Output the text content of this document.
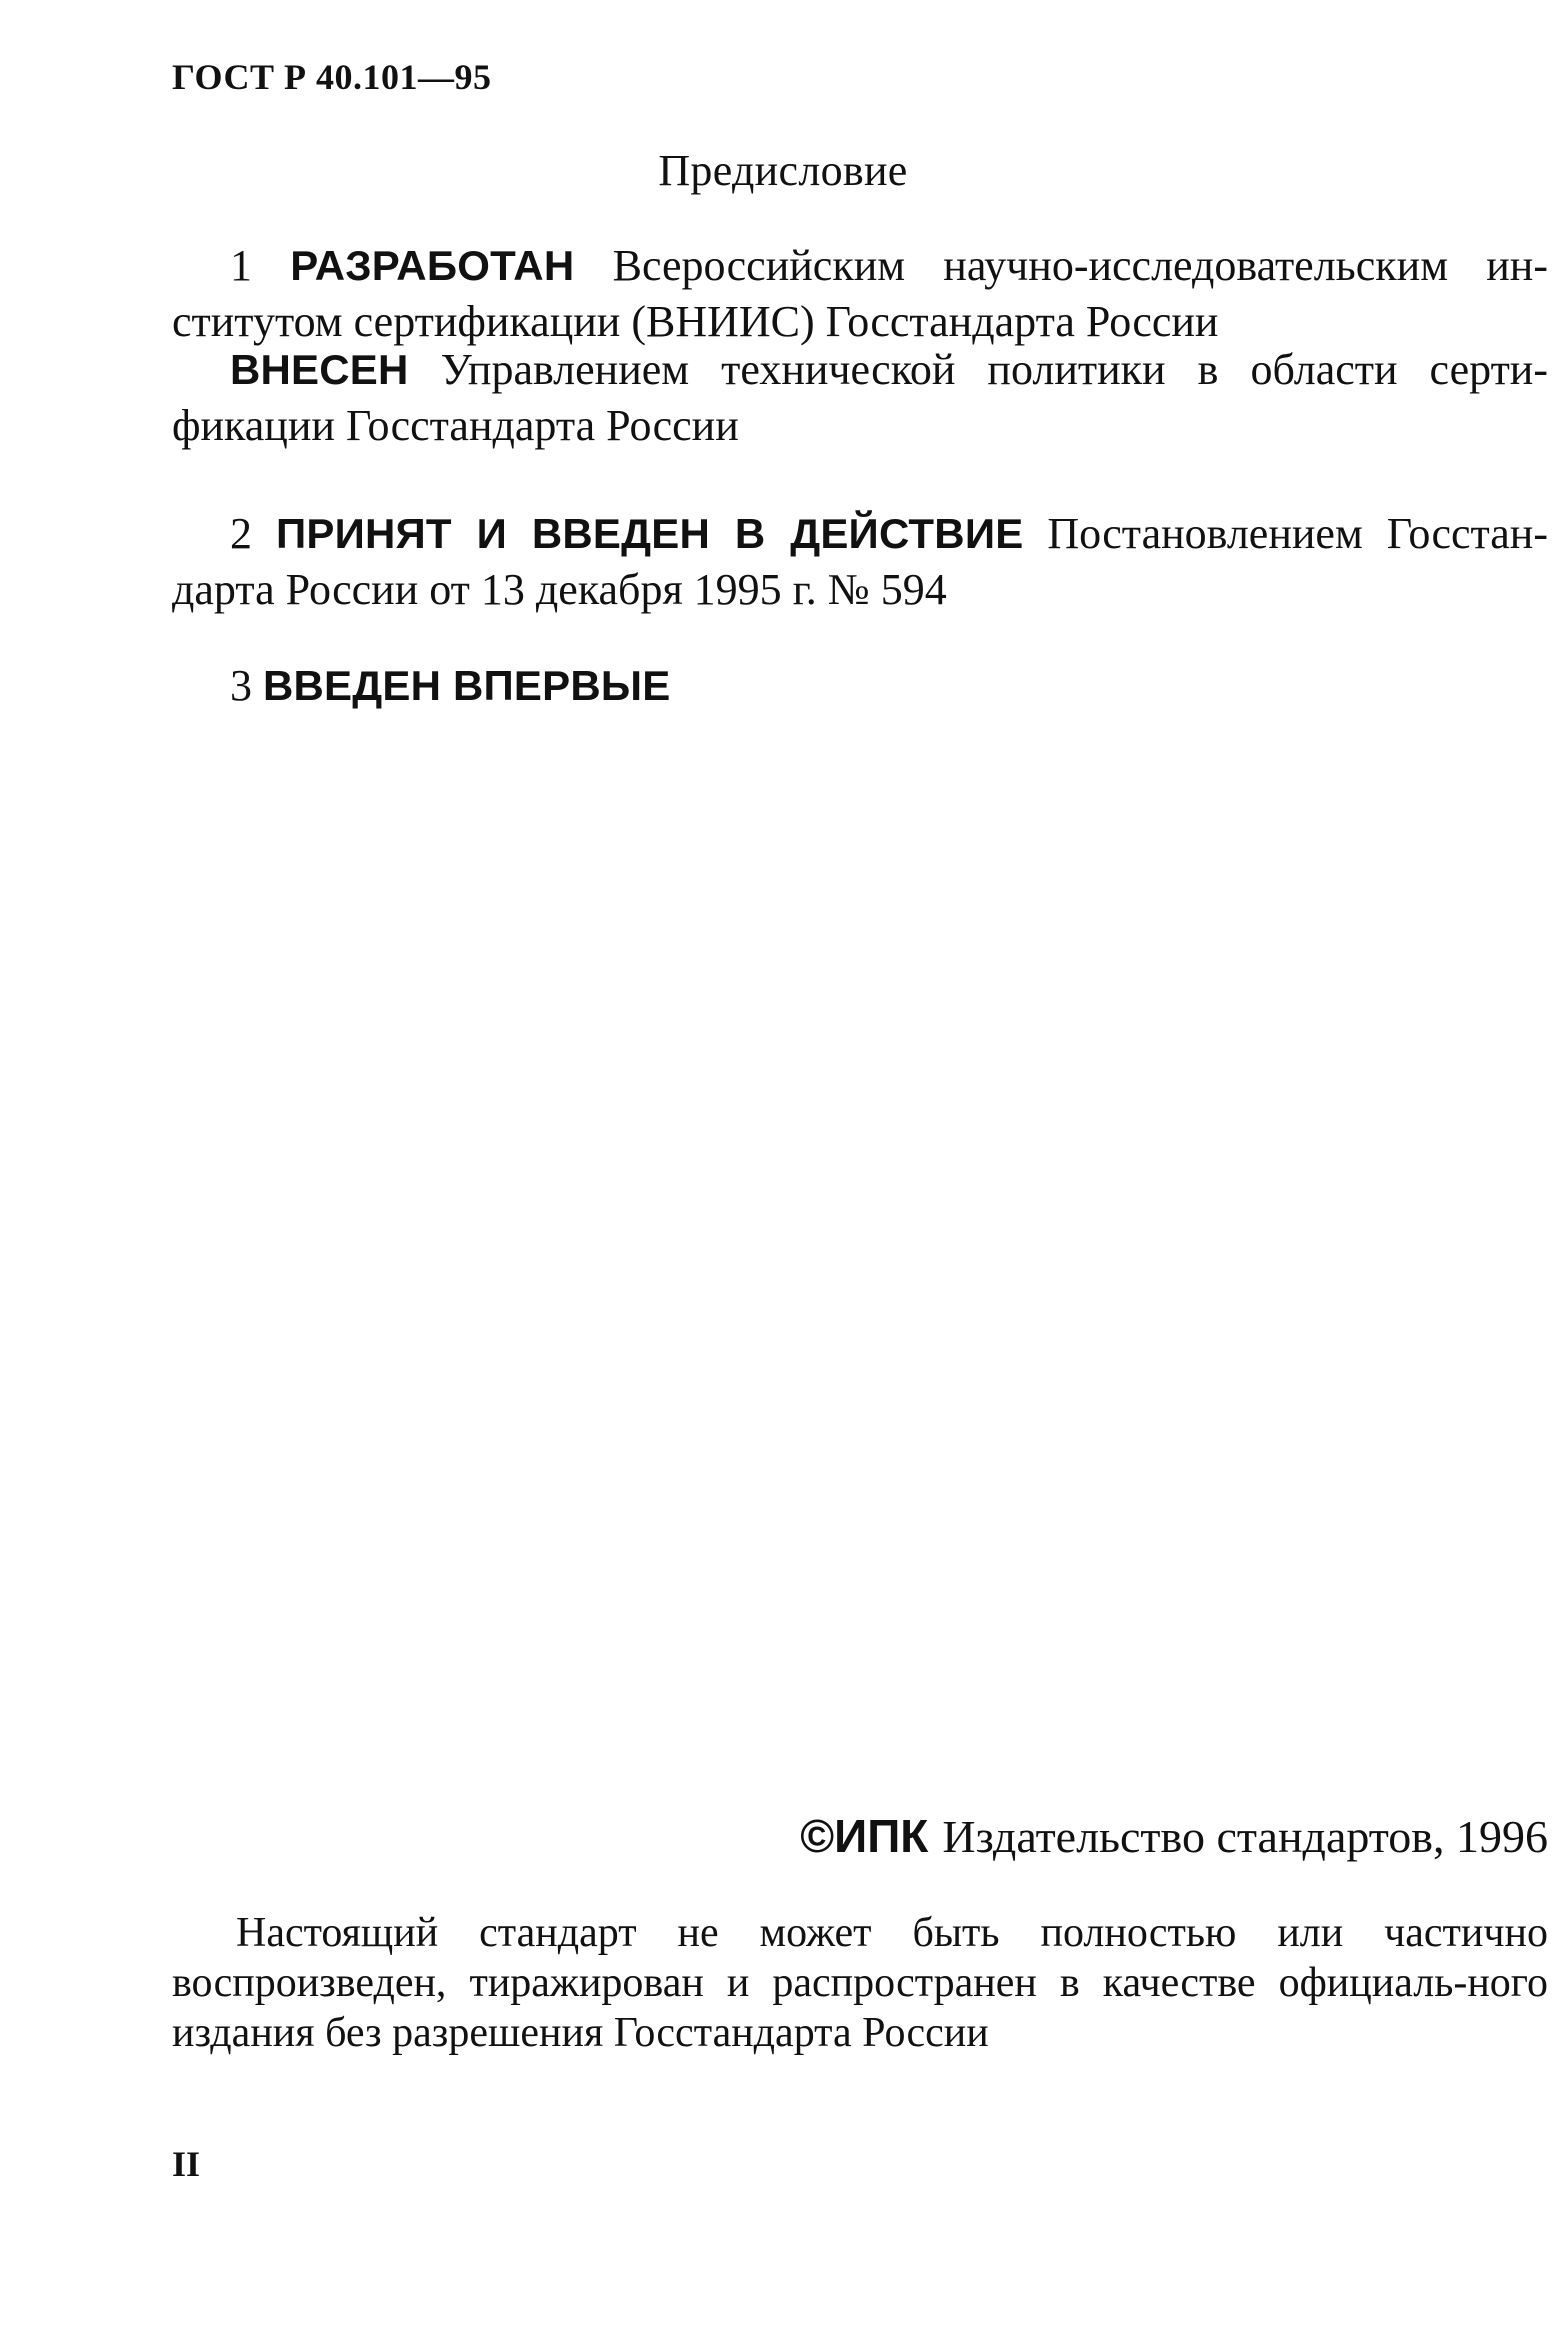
ГОСТ Р 40.101—95
Предисловие

1 РАЗРАБОТАН Всероссийским научно-исследовательским ин-ститутом сертификации (ВНИИС) Госстандарта России

ВНЕСЕН Управлением технической политики в области серти-фикации Госстандарта России

2 ПРИНЯТ И ВВЕДЕН В ДЕЙСТВИЕ Постановлением Госстан-дарта России от 13 декабря 1995 г. № 594

3 ВВЕДЕН ВПЕРВЫЕ

©ИПК Издательство стандартов, 1996

Настоящий стандарт не может быть полностью или частично воспроизведен, тиражирован и распространен в качестве официаль-ного издания без разрешения Госстандарта России

II
